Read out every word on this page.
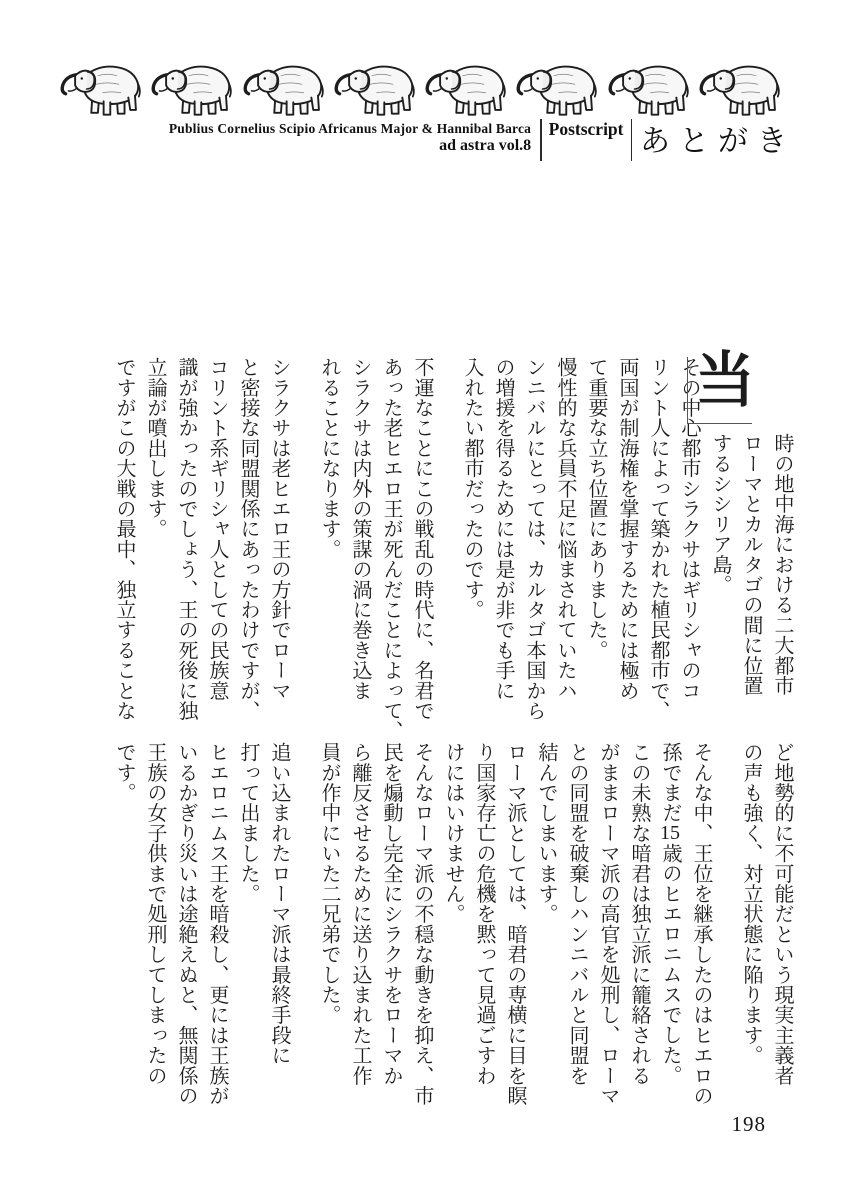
Publius Cornelius Scipio Africanus Major & Hannibal Barca
ad astra vol.8
Postscript あとがき
当

時の地中海における二大都市

ローマとカルタゴの間に位置

するシシリア島。

その中心都市シラクサはギリシャのコ

リント人によって築かれた植民都市で、

両国が制海権を掌握するためには極め

て重要な立ち位置にありました。

慢性的な兵員不足に悩まされていたハ

ンニバルにとっては、カルタゴ本国から

の増援を得るためには是が非でも手に

入れたい都市だったのです。

不運なことにこの戦乱の時代に、名君で

あった老ヒエロ王が死んだことによって、

シラクサは内外の策謀の渦に巻き込ま

れることになります。

シラクサは老ヒエロ王の方針でローマ

と密接な同盟関係にあったわけですが、

コリント系ギリシャ人としての民族意

識が強かったのでしょう、王の死後に独

立論が噴出します。

ですがこの大戦の最中、独立することな

ど地勢的に不可能だという現実主義者

の声も強く、対立状態に陥ります。

そんな中、王位を継承したのはヒエロの

孫でまだ15歳のヒエロニムスでした。

この未熟な暗君は独立派に籠絡される

がままローマ派の高官を処刑し、ローマ

との同盟を破棄しハンニバルと同盟を

結んでしまいます。

ローマ派としては、暗君の専横に目を瞑

り国家存亡の危機を黙って見過ごすわ

けにはいけません。

そんなローマ派の不穏な動きを抑え、市

民を煽動し完全にシラクサをローマか

ら離反させるために送り込まれた工作

員が作中にいた二兄弟でした。

追い込まれたローマ派は最終手段に

打って出ました。

ヒエロニムス王を暗殺し、更には王族が

いるかぎり災いは途絶えぬと、無関係の

王族の女子供まで処刑してしまったの

です。

198
